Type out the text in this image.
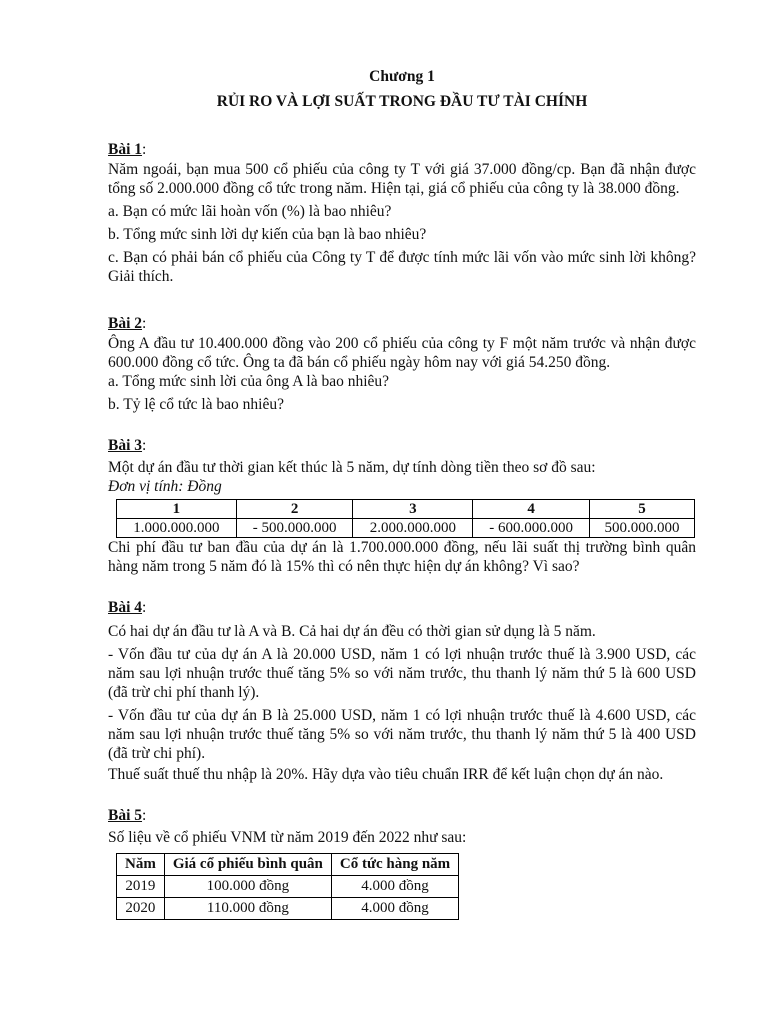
Chương 1
RỦI RO VÀ LỢI SUẤT TRONG ĐẦU TƯ TÀI CHÍNH
Bài 1:
Năm ngoái, bạn mua 500 cổ phiếu của công ty T với giá 37.000 đồng/cp. Bạn đã nhận được tổng số 2.000.000 đồng cổ tức trong năm. Hiện tại, giá cổ phiếu của công ty là 38.000 đồng.
a. Bạn có mức lãi hoàn vốn (%) là bao nhiêu?
b. Tổng mức sinh lời dự kiến của bạn là bao nhiêu?
c. Bạn có phải bán cổ phiếu của Công ty T để được tính mức lãi vốn vào mức sinh lời không? Giải thích.
Bài 2:
Ông A đầu tư 10.400.000 đồng vào 200 cổ phiếu của công ty F một năm trước và nhận được 600.000 đồng cổ tức. Ông ta đã bán cổ phiếu ngày hôm nay với giá 54.250 đồng.
a. Tổng mức sinh lời của ông A là bao nhiêu?
b. Tỷ lệ cổ tức là bao nhiêu?
Bài 3:
Một dự án đầu tư thời gian kết thúc là 5 năm, dự tính dòng tiền theo sơ đồ sau:
Đơn vị tính: Đồng
1	2	3	4	5
1.000.000.000	- 500.000.000	2.000.000.000	- 600.000.000	500.000.000
Chi phí đầu tư ban đầu của dự án là 1.700.000.000 đồng, nếu lãi suất thị trường bình quân hàng năm trong 5 năm đó là 15% thì có nên thực hiện dự án không? Vì sao?
Bài 4:
Có hai dự án đầu tư là A và B. Cả hai dự án đều có thời gian sử dụng là 5 năm.
- Vốn đầu tư của dự án A là 20.000 USD, năm 1 có lợi nhuận trước thuế là 3.900 USD, các năm sau lợi nhuận trước thuế tăng 5% so với năm trước, thu thanh lý năm thứ 5 là 600 USD (đã trừ chi phí thanh lý).
- Vốn đầu tư của dự án B là 25.000 USD, năm 1 có lợi nhuận trước thuế là 4.600 USD, các năm sau lợi nhuận trước thuế tăng 5% so với năm trước, thu thanh lý năm thứ 5 là 400 USD (đã trừ chi phí).
Thuế suất thuế thu nhập là 20%. Hãy dựa vào tiêu chuẩn IRR để kết luận chọn dự án nào.
Bài 5:
Số liệu về cổ phiếu VNM từ năm 2019 đến 2022 như sau:
Năm	Giá cổ phiếu bình quân	Cổ tức hàng năm
2019	100.000 đồng	4.000 đồng
2020	110.000 đồng	4.000 đồng
